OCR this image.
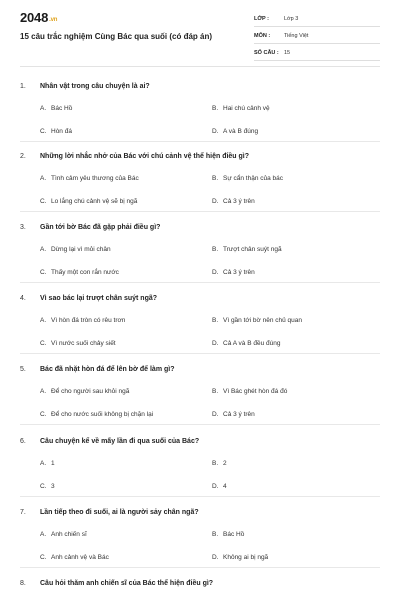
2048.vn
15 câu trắc nghiệm Cùng Bác qua suối (có đáp án)
LỚP :	Lớp 3
MÔN :	Tiếng Việt
SỐ CÂU : 15
1. Nhân vật trong câu chuyện là ai?
A. Bác Hồ	B. Hai chú cảnh vệ
C. Hòn đá	D. A và B đúng
2. Những lời nhắc nhở của Bác với chú cảnh vệ thể hiện điều gì?
A. Tình cảm yêu thương của Bác	B. Sự cẩn thận của bác
C. Lo lắng chú cảnh vệ sẽ bị ngã	D. Cả 3 ý trên
3. Gần tới bờ Bác đã gặp phải điều gì?
A. Dừng lại vì mỏi chân	B. Trượt chân suýt ngã
C. Thấy một con rắn nước	D. Cả 3 ý trên
4. Vì sao bác lại trượt chân suýt ngã?
A. Vì hòn đá tròn có rêu trơn	B. Vì gần tới bờ nên chủ quan
C. Vì nước suối chảy siết	D. Cả A và B đều đúng
5. Bác đã nhặt hòn đá để lên bờ để làm gì?
A. Để cho người sau khỏi ngã	B. Vì Bác ghét hòn đá đó
C. Để cho nước suối không bị chặn lại	D. Cả 3 ý trên
6. Câu chuyện kể về mấy lần đi qua suối của Bác?
A. 1	B. 2
C. 3	D. 4
7. Lần tiếp theo đi suối, ai là người sảy chân ngã?
A. Anh chiến sĩ	B. Bác Hồ
C. Anh cảnh vệ và Bác	D. Không ai bị ngã
8. Câu hỏi thăm anh chiến sĩ của Bác thể hiện điều gì?
